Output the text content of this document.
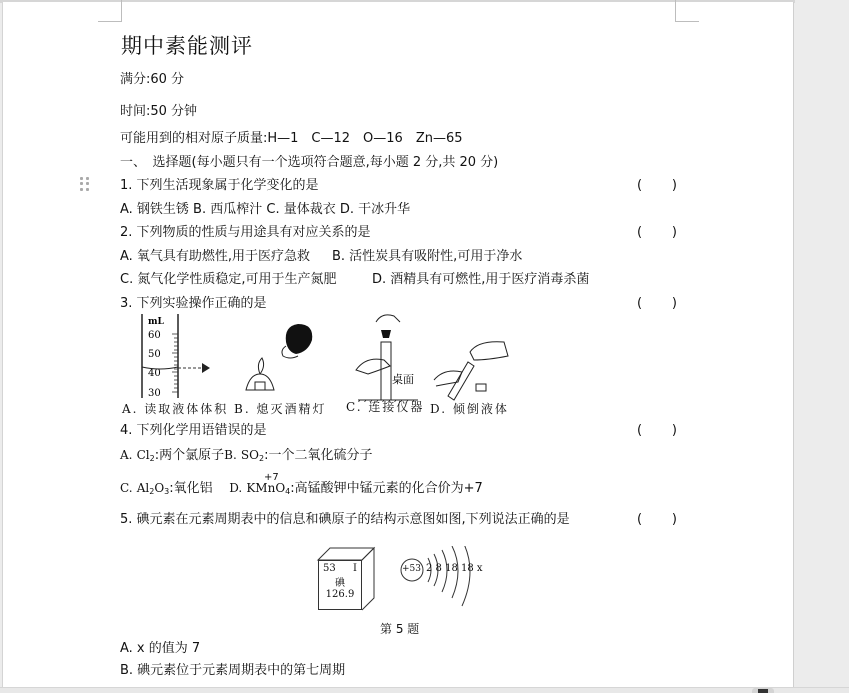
期中素能测评
满分:60 分
时间:50 分钟
可能用到的相对原子质量:H—1　C—12　O—16　Zn—65
一、　选择题(每小题只有一个选项符合题意,每小题 2 分,共 20 分)
1. 下列生活现象属于化学变化的是	( )
A. 钢铁生锈 B. 西瓜榨汁 C. 量体裁衣 D. 干冰升华
2. 下列物质的性质与用途具有对应关系的是	( )
A. 氧气具有助燃性,用于医疗急救 B. 活性炭具有吸附性,可用于净水
C. 氮气化学性质稳定,可用于生产氮肥	D. 酒精具有可燃性,用于医疗消毒杀菌
3. 下列实验操作正确的是	( )
mL
60
50
40
30
桌面
A. 读取液体体积 B. 熄灭酒精灯 C. 连接仪器 D. 倾倒液体
4. 下列化学用语错误的是	( )
A. $Cl_2$:两个氯原子B. $SO_2$:一个二氧化硫分子
+7
C. $Al_2O_3$:氧化铝 D. KMnO$_4$:高锰酸钾中锰元素的化合价为+7
5. 碘元素在元素周期表中的信息和碘原子的结构示意图如图,下列说法正确的是	( )
53 I
碘
126.9
+53 2 8 18 18 x
第 5 题
A. x 的值为 7
B. 碘元素位于元素周期表中的第七周期
